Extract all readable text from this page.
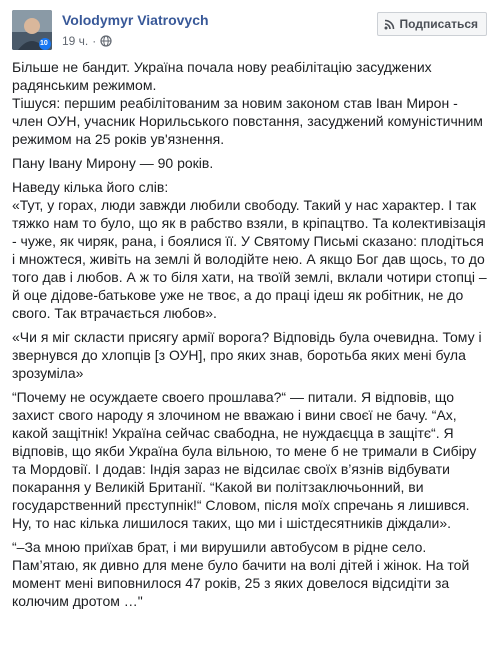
10
Volodymyr Viatrovych
19 ч. ·
Подписаться

Більше не бандит. Україна почала нову реабілітацію засуджених
радянським режимом.
Тішуся: першим реабілітованим за новим законом став Іван Мирон -
член ОУН, учасник Норильського повстання, засуджений комуністичним
режимом на 25 років ув'язнення.

Пану Івану Мирону — 90 років.

Наведу кілька його слів:
«Тут, у горах, люди завжди любили свободу. Такий у нас характер. І так
тяжко нам то було, що як в рабство взяли, в кріпацтво. Та колективізація
- чуже, як чиряк, рана, і боялися її. У Святому Письмі сказано: плодіться
і множтеся, живіть на землі й володійте нею. А якщо Бог дав щось, то до
того дав і любов. А ж то біля хати, на твоїй землі, вклали чотири стопці –
й оце дідове-батькове уже не твоє, а до праці ідеш як робітник, не до
свого. Так втрачається любов».

«Чи я міг скласти присягу армії ворога? Відповідь була очевидна. Тому і
звернувся до хлопців [з ОУН], про яких знав, боротьба яких мені була
зрозуміла»

“Почему не осуждаете своего прошлава?“ — питали. Я відповів, що
захист свого народу я злочином не вважаю і вини своєї не бачу. “Ах,
какой защітнік! Україна сейчас свабодна, не нуждаєцца в защітє“. Я
відповів, що якби Україна була вільною, то мене б не тримали в Сибіру
та Мордовії. І додав: Індія зараз не відсилає своїх в’язнів відбувати
покарання у Великій Британії. “Какой ви політзаключьонний, ви
государственний прєступнік!“ Словом, після моїх спречань я лишився.
Ну, то нас кілька лишилося таких, що ми і шістдесятників діждали».

“–За мною приїхав брат, і ми вирушили автобусом в рідне село.
Пам’ятаю, як дивно для мене було бачити на волі дітей і жінок. На той
момент мені виповнилося 47 років, 25 з яких довелося відсидіти за
колючим дротом …"
